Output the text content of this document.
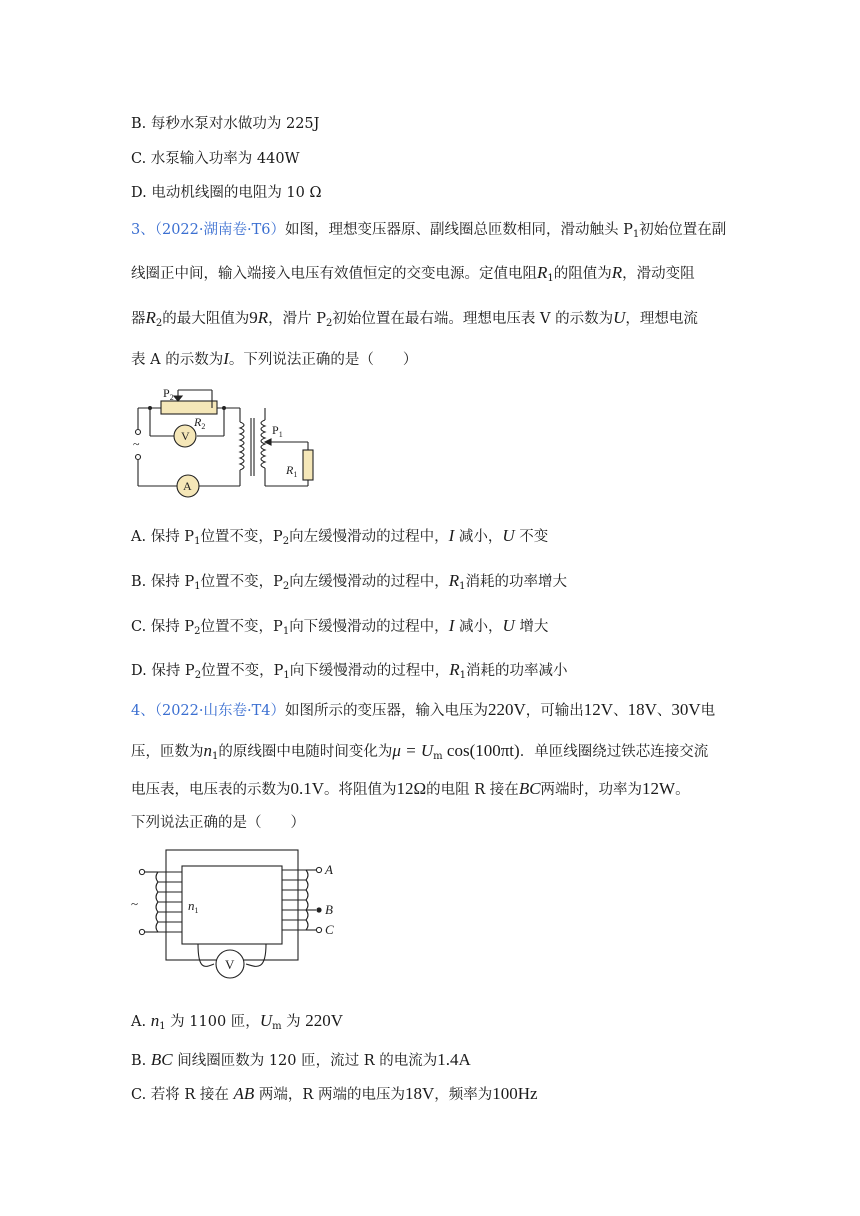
B. 每秒水泵对水做功为 225J
C. 水泵输入功率为 440W
D. 电动机线圈的电阻为 10 Ω
3、（2022·湖南卷·T6）如图，理想变压器原、副线圈总匝数相同，滑动触头 $P_1$初始位置在副
线圈正中间，输入端接入电压有效值恒定的交变电源。定值电阻$R_1$的阻值为R，滑动变阻
器$R_2$的最大阻值为9R，滑片 $P_2$初始位置在最右端。理想电压表 V 的示数为U，理想电流
表 A 的示数为I。下列说法正确的是（　　）
$P_2$
$R_2$
V
A
$P_1$
$R_1$
~
A. 保持 $P_1$位置不变，$P_2$向左缓慢滑动的过程中，I 减小，U 不变
B. 保持 $P_1$位置不变，$P_2$向左缓慢滑动的过程中，$R_1$消耗的功率增大
C. 保持 $P_2$位置不变，$P_1$向下缓慢滑动的过程中，I 减小，U 增大
D. 保持 $P_2$位置不变，$P_1$向下缓慢滑动的过程中，$R_1$消耗的功率减小
4、（2022·山东卷·T4）如图所示的变压器，输入电压为220V，可输出12V、18V、30V电
压，匝数为$n_1$的原线圈中电随时间变化为$\mu = U_m$ cos(100πt)．单匝线圈绕过铁芯连接交流
电压表，电压表的示数为0.1V。将阻值为12Ω的电阻 R 接在BC两端时，功率为12W。
下列说法正确的是（　　）
~	$n_1$
A
B
C
V
A. $n_1$ 为 1100 匝，$U_m$ 为 220V
B. BC 间线圈匝数为 120 匝，流过 R 的电流为1.4A
C. 若将 R 接在 AB 两端，R 两端的电压为18V，频率为100Hz
